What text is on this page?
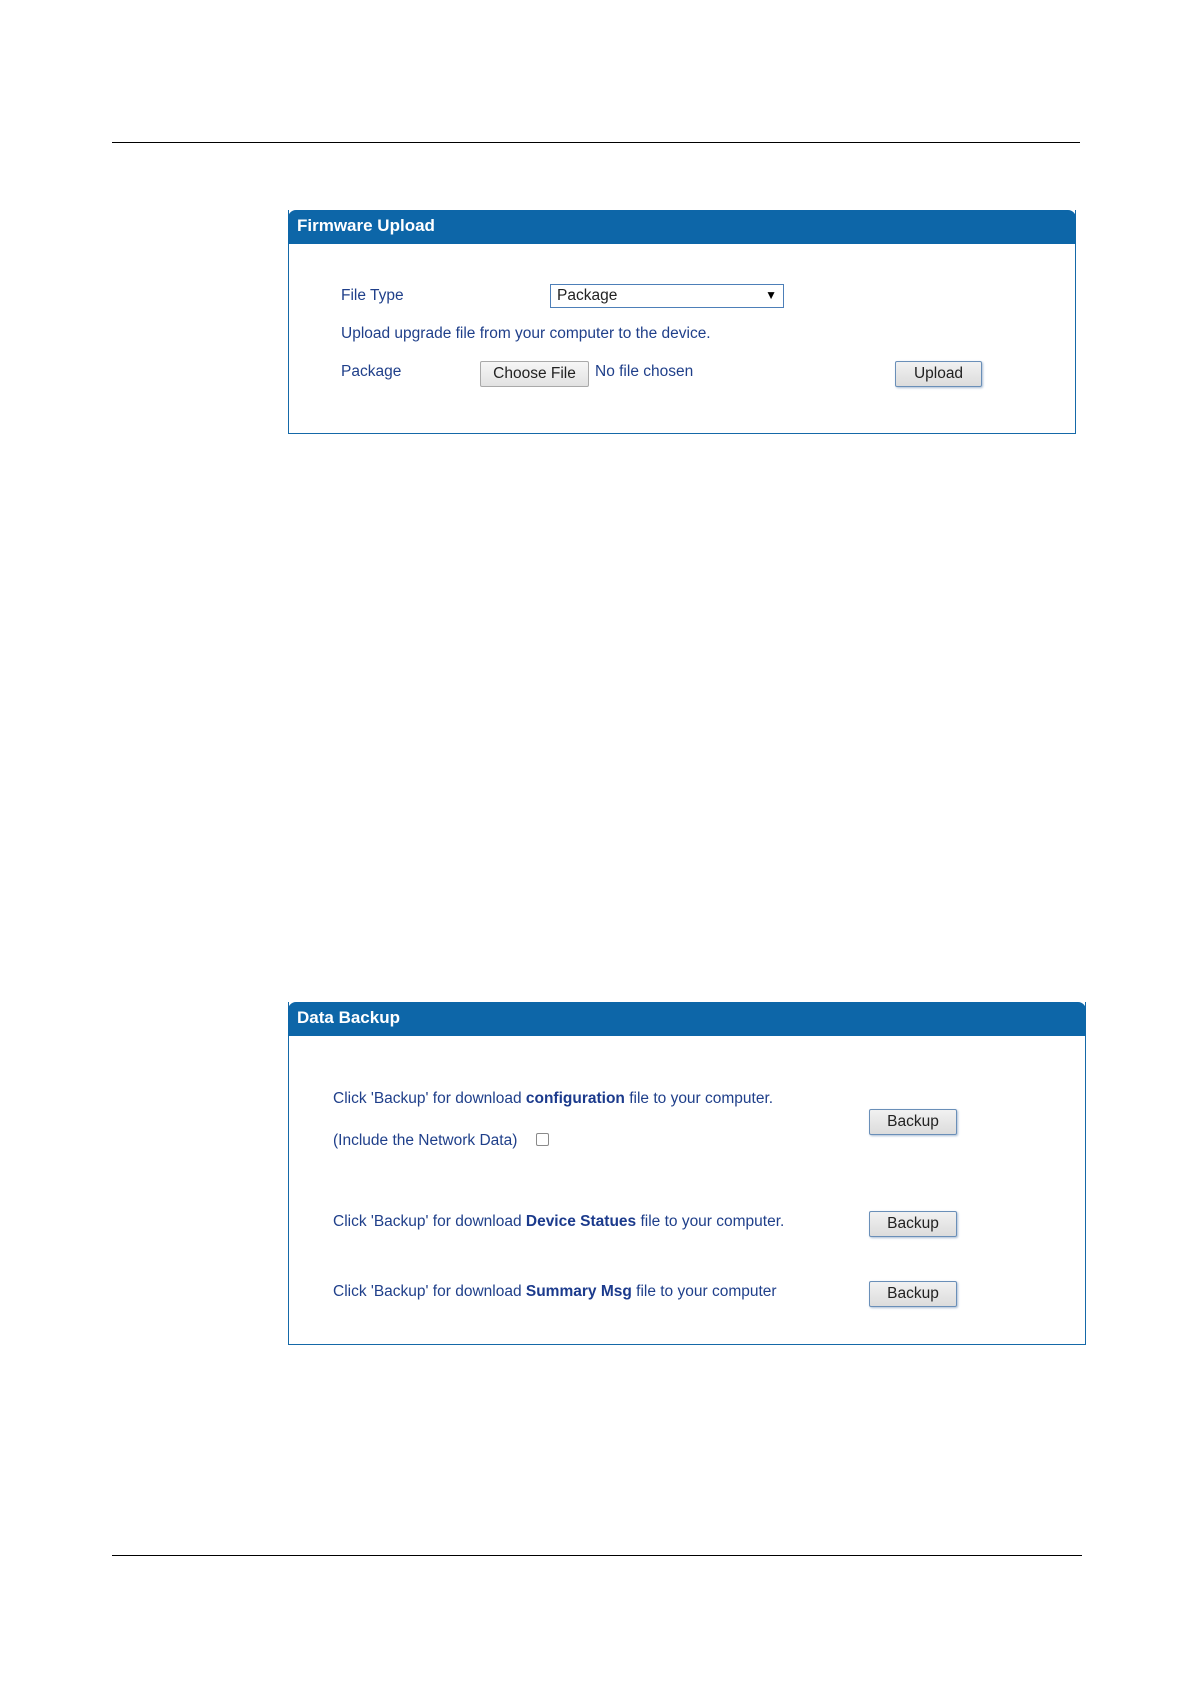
Firmware Upload
File Type	Package	▼
Upload upgrade file from your computer to the device.
Package	Choose File	No file chosen	Upload
Data Backup
Click 'Backup' for download configuration file to your computer.
(Include the Network Data)
Backup
Click 'Backup' for download Device Statues file to your computer.	Backup
Click 'Backup' for download Summary Msg file to your computer	Backup
